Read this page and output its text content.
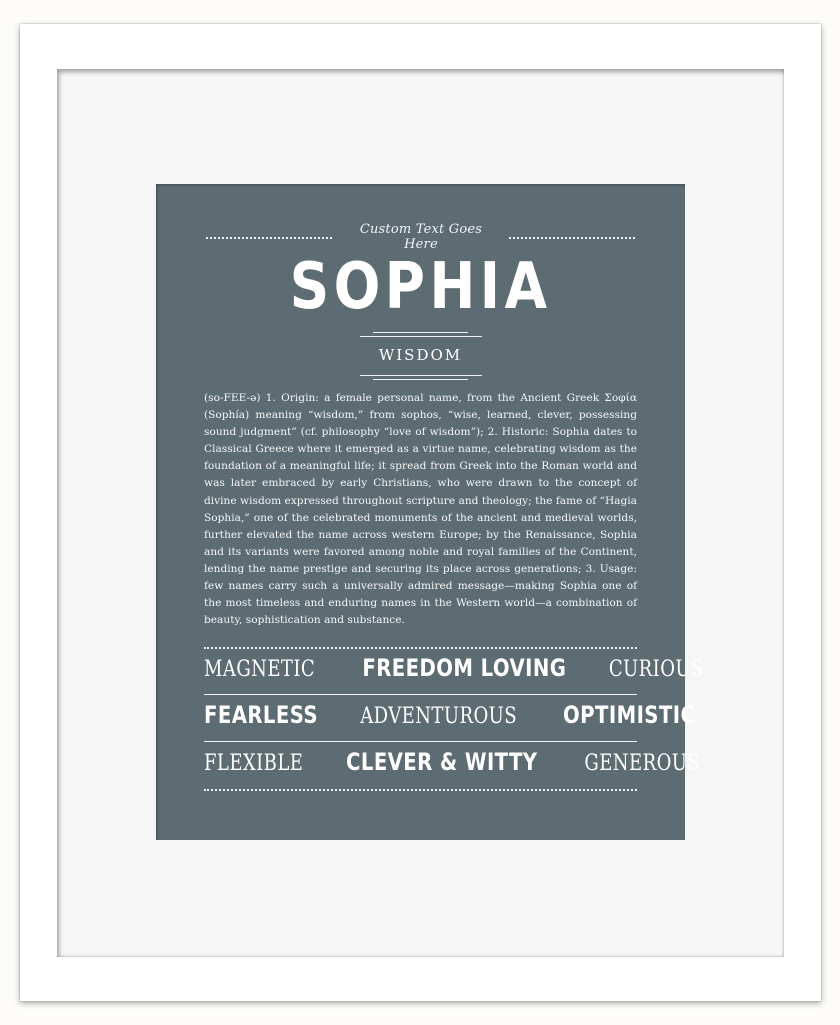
Custom Text Goes Here
SOPHIA
WISDOM
(so-FEE-ə) 1. Origin: a female personal name, from the Ancient Greek Σοφία (Sophía) meaning “wisdom,” from sophos, “wise, learned, clever, possessing sound judgment” (cf. philosophy “love of wisdom”); 2. Historic: Sophia dates to Classical Greece where it emerged as a virtue name, celebrating wisdom as the foundation of a meaningful life; it spread from Greek into the Roman world and was later embraced by early Christians, who were drawn to the concept of divine wisdom expressed throughout scripture and theology; the fame of “Hagia Sophia,” one of the celebrated monuments of the ancient and medieval worlds, further elevated the name across western Europe; by the Renaissance, Sophia and its variants were favored among noble and royal families of the Continent, lending the name prestige and securing its place across generations; 3. Usage: few names carry such a universally admired message—making Sophia one of the most timeless and enduring names in the Western world—a combination of beauty, sophistication and substance.
MAGNETIC FREEDOM LOVING CURIOUS
FEARLESS ADVENTUROUS OPTIMISTIC
FLEXIBLE CLEVER & WITTY GENEROUS
